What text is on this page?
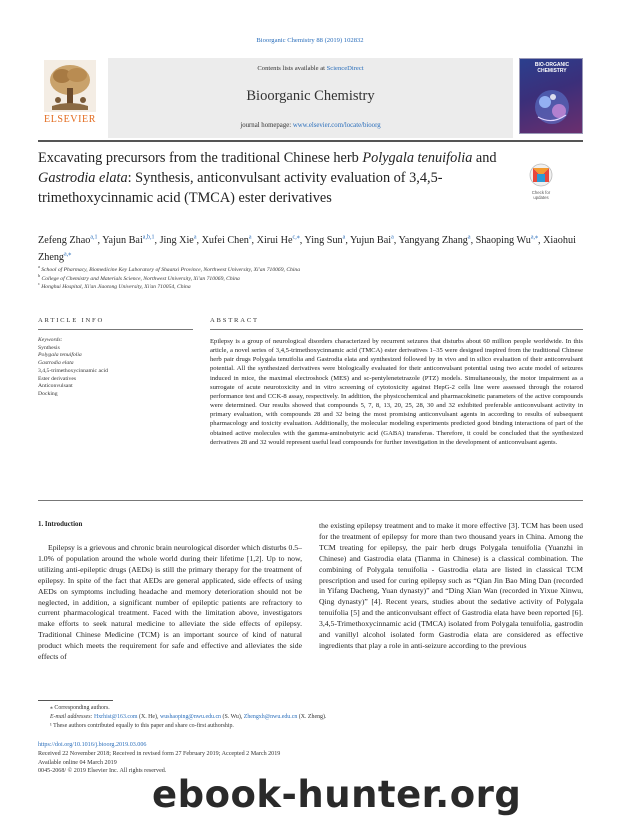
Bioorganic Chemistry 88 (2019) 102832
ELSEVIER
Contents lists available at ScienceDirect
Bioorganic Chemistry
journal homepage: www.elsevier.com/locate/bioorg
BIO-ORGANIC CHEMISTRY
Excavating precursors from the traditional Chinese herb Polygala tenuifolia and Gastrodia elata: Synthesis, anticonvulsant activity evaluation of 3,4,5-trimethoxycinnamic acid (TMCA) ester derivatives	Check for updates
Zefeng Zhao$^{a,1}$, Yajun Bai$^{a,b,1}$, Jing Xie$^a$, Xufei Chen$^a$, Xirui $He^{c,⁎}$, Ying Sun$^a$, Yujun Bai$^a$, Yangyang Zhang$^a$, Shaoping $Wu^{a,⁎}$, Xiaohui Zheng$^{a,⁎}$
$^a$ School of Pharmacy, Biomedicine Key Laboratory of Shaanxi Province, Northwest University, Xi'an 710069, China
$^b$ College of Chemistry and Materials Science, Northwest University, Xi'an 710069, China
$^c$ Honghui Hospital, Xi'an Jiaotong University, Xi'an 710054, China
ARTICLE INFO	ABSTRACT
Keywords:
Synthesis
Polygala tenuifolia
Gastrodia elata
3,4,5-trimethoxycinnamic acid
Ester derivatives
Anticonvulsant
Docking
Epilepsy is a group of neurological disorders characterized by recurrent seizures that disturbs about 60 million people worldwide. In this article, a novel series of 3,4,5-trimethoxycinnamic acid (TMCA) ester derivatives 1–35 were designed inspired from the traditional Chinese herb pair drugs Polygala tenuifolia and Gastrodia elata and synthesized followed by in vivo and in silico evaluation of their anticonvulsant potential. All the synthesized derivatives were biologically evaluated for their anticonvulsant potential using two acute model of seizures induced in mice, the maximal electroshock (MES) and sc-pentylenetetrazole (PTZ) models. Simultaneously, the motor impairment as a surrogate of acute neurotoxicity and in vitro screening of cytotoxicity against HepG-2 cells line were assessed through the rotarod performance test and CCK-8 assay, respectively. In addition, the physicochemical and pharmacokinetic parameters of the active compounds were determined. Our results showed that compounds 5, 7, 8, 13, 20, 25, 28, 30 and 32 exhibited preferable anticonvulsant activity in primary evaluation, with compounds 28 and 32 being the most promising anticonvulsant agents in according to results of subsequent pharmacology and toxicity evaluation. Additionally, the molecular modeling experiments predicted good binding interactions of part of the obtained active molecules with the gamma-aminobutyric acid (GABA) transferas. Therefore, it could be concluded that the synthesized derivatives 28 and 32 would represent useful lead compounds for further investigation in the development of anticonvulsant agents.
1. Introduction
Epilepsy is a grievous and chronic brain neurological disorder which disturbs 0.5–1.0% of population around the whole world during their lifetime [1,2]. Up to now, utilizing anti-epileptic drugs (AEDs) is still the primary therapy for the treatment of epilepsy. In spite of the fact that AEDs are general applicated, side effects of using AEDs on symptoms including headache and memory deterioration should not be neglected, in addition, a significant number of epileptic patients are refractory to current pharmacological treatment. Faced with the limitation above, investigators make efforts to seek natural medicine to alleviate the side effects of epilepsy. Traditional Chinese Medicine (TCM) is an important source of kind of natural product which meets the requirement for safe and effective and alleviates the side effects of
the existing epilepsy treatment and to make it more effective [3]. TCM has been used for the treatment of epilepsy for more than two thousand years in China. Among the TCM treating for epilepsy, the pair herb drugs Polygala tenuifolia (Yuanzhi in Chinese) and Gastrodia elata (Tianma in Chinese) is a classical combination. The combining of Polygala tenuifolia - Gastrodia elata are listed in classical TCM prescription and used for curing epilepsy such as “Qian Jin Bao Ming Dan (recorded in Yifang Dacheng, Yuan dynasty)” and “Ding Xian Wan (recorded in Yixue Xinwu, Qing dynasty)” [4]. Recent years, studies about the sedative activity of Polygala tenuifolia [5] and the anticonvulsant effect of Gastrodia elata have been reported [6]. 3,4,5-Trimethoxycinnamic acid (TMCA) isolated from Polygala tenuifolia, gastrodin and vanillyl alcohol isolated form Gastrodia elata are considered as effective ingredients that play a role in anti-seizure according to the previous
⁎ Corresponding authors.
E-mail addresses: Hxrhist@163.com (X. He), wushaoping@nwu.edu.cn (S. Wu), Zhengxh@nwu.edu.cn (X. Zheng).
¹ These authors contributed equally to this paper and share co-first authorship.
https://doi.org/10.1016/j.bioorg.2019.03.006
Received 22 November 2018; Received in revised form 27 February 2019; Accepted 2 March 2019
Available online 04 March 2019
0045-2068/ © 2019 Elsevier Inc. All rights reserved.
ebook-hunter.org
